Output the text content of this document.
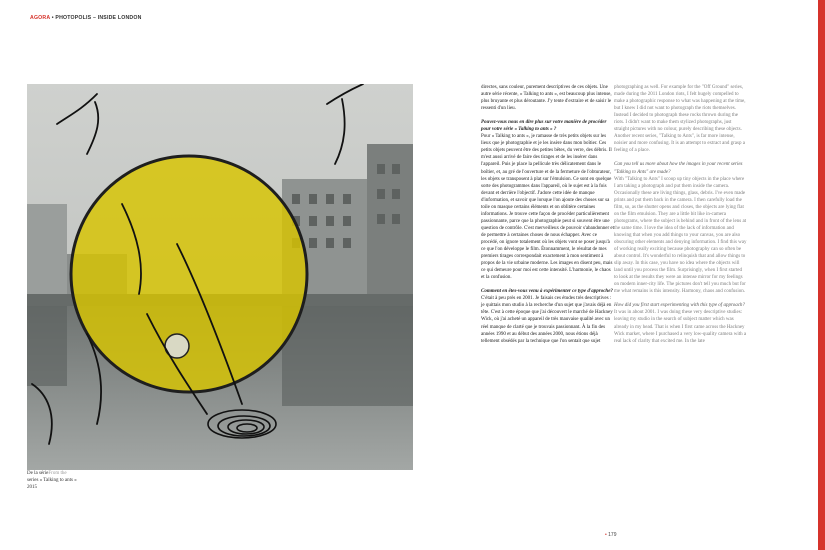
AGORA • PHOTOPOLIS – INSIDE LONDON
De la sérieFrom the
series « Talking to ants »
2015

directes, sans couleur, purement descriptives de ces objets. Une autre série récente, « Talking to ants », est beaucoup plus intense, plus bruyante et plus déroutante. J'y tente d'extraire et de saisir le ressenti d'un lieu.

Pouvez-vous nous en dire plus sur votre manière de procéder pour votre série « Talking to ants » ?

Pour « Talking to ants », je ramasse de très petits objets sur les lieux que je photographie et je les insère dans mon boîtier. Ces petits objets peuvent être des petites bêtes, du verre, des débris. Il m'est aussi arrivé de faire des tirages et de les insérer dans l'appareil. Puis je place la pellicule très délicatement dans le boîtier, et, au gré de l'ouverture et de la fermeture de l'obturateur, les objets se transposent à plat sur l'émulsion. Ce sont en quelque sorte des photogrammes dans l'appareil, où le sujet est à la fois devant et derrière l'objectif. J'adore cette idée de manque d'information, et savoir que lorsque l'on ajoute des choses sur sa toile on masque certains éléments et on oblitère certaines informations. Je trouve cette façon de procéder particulièrement passionnante, parce que la photographie peut si souvent être une question de contrôle. C'est merveilleux de pouvoir s'abandonner et de permettre à certaines choses de nous échapper. Avec ce procédé, on ignore totalement où les objets vont se poser jusqu'à ce que l'on développe le film. Étonnamment, le résultat de mes premiers tirages correspondait exactement à mon sentiment à propos de la vie urbaine moderne. Les images en disent peu, mais ce qui demeure pour moi est cette intensité. L'harmonie, le chaos et la confusion.

Comment en êtes-vous venu à expérimenter ce type d'approche?

C'était à peu près en 2001. Je faisais ces études très descriptives : je quittais mon studio à la recherche d'un sujet que j'avais déjà en tête. C'est à cette époque que j'ai découvert le marché de Hackney Wick, où j'ai acheté un appareil de très mauvaise qualité avec un réel manque de clarté que je trouvais passionnant. À la fin des années 1990 et au début des années 2000, nous étions déjà tellement obsédés par la technique que l'on sentait que sujet

photographing as well. For example for the "Off Ground" series, made during the 2011 London riots, I felt hugely compelled to make a photographic response to what was happening at the time, but I knew I did not want to photograph the riots themselves. Instead I decided to photograph these rocks thrown during the riots. I didn't want to make them stylized photographs, just straight pictures with no colour, purely describing these objects. Another recent series, "Talking to Ants", is far more intense, noisier and more confusing. It is an attempt to extract and grasp a feeling of a place.

Can you tell us more about how the images in your recent series "Talking to Ants" are made?

With "Talking to Ants" I scoop up tiny objects in the place where I am taking a photograph and put them inside the camera. Occasionally these are living things, glass, debris. I've even made prints and put them back in the camera. I then carefully load the film, so, as the shutter opens and closes, the objects are lying flat on the film emulsion. They are a little bit like in-camera photograms, where the subject is behind and in front of the lens at the same time. I love the idea of the lack of information and knowing that when you add things to your canvas, you are also obscuring other elements and denying information. I find this way of working really exciting because photography can so often be about control. It's wonderful to relinquish that and allow things to slip away. In this case, you have no idea where the objects will land until you process the film. Surprisingly, when I first started to look at the results they were an intense mirror for my feelings on modern inner-city life. The pictures don't tell you much but for me what remains is this intensity. Harmony, chaos and confusion.

How did you first start experimenting with this type of approach?

It was in about 2001. I was doing these very descriptive studies: leaving my studio in the search of subject matter which was already in my head. That is when I first came across the Hackney Wick market, where I purchased a very low-quality camera with a real lack of clarity that excited me. In the late

• 179
